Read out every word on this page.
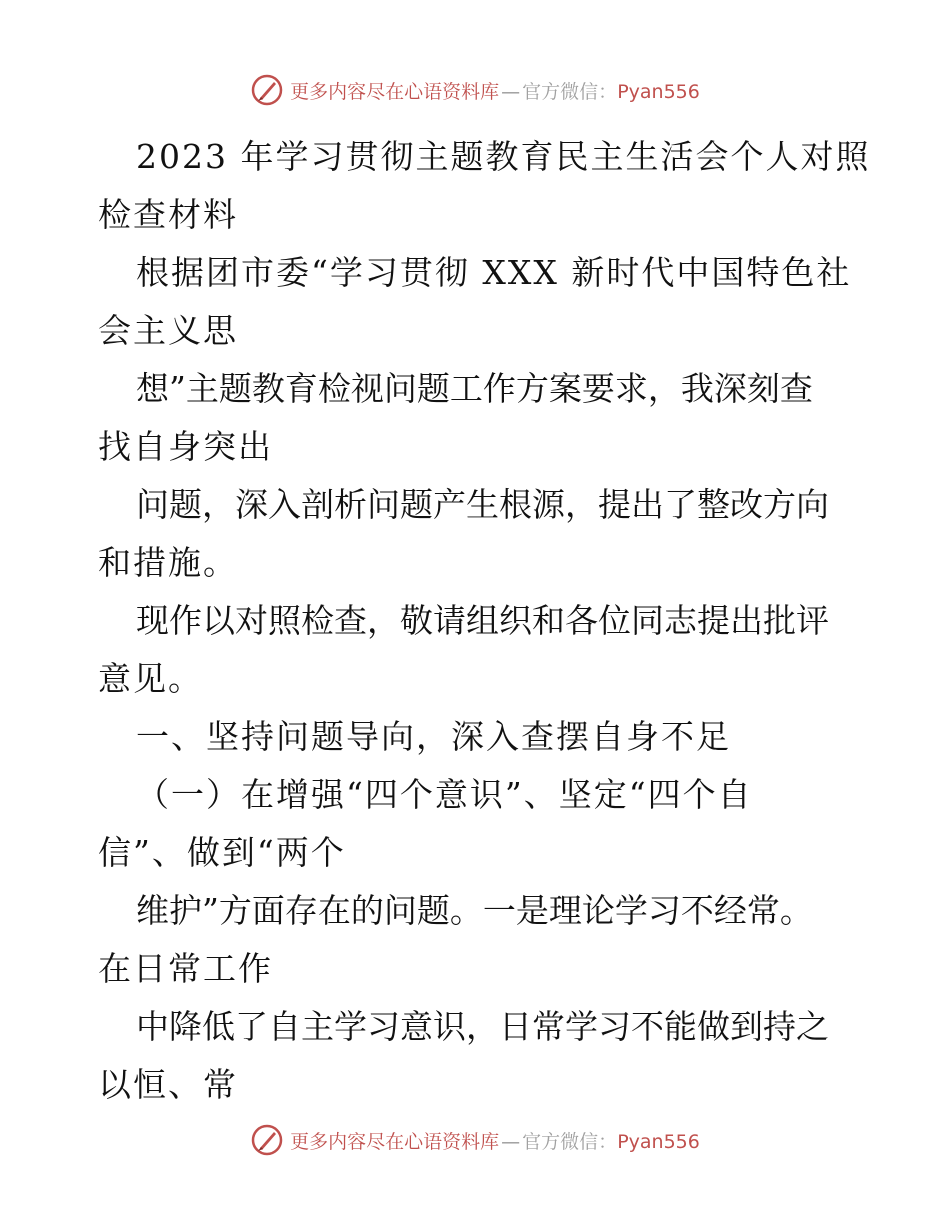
更多内容尽在心语资料库 — 官方微信： Pyan556
2023 年学习贯彻主题教育民主生活会个人对照
检查材料
根据团市委“学习贯彻 XXX 新时代中国特色社
会主义思
想”主题教育检视问题工作方案要求，我深刻查
找自身突出
问题，深入剖析问题产生根源，提出了整改方向
和措施。
现作以对照检查，敬请组织和各位同志提出批评
意见。
一、坚持问题导向，深入查摆自身不足
（一）在增强“四个意识”、坚定“四个自
信”、做到“两个
维护”方面存在的问题。一是理论学习不经常。
在日常工作
中降低了自主学习意识，日常学习不能做到持之
以恒、常
更多内容尽在心语资料库 — 官方微信： Pyan556
